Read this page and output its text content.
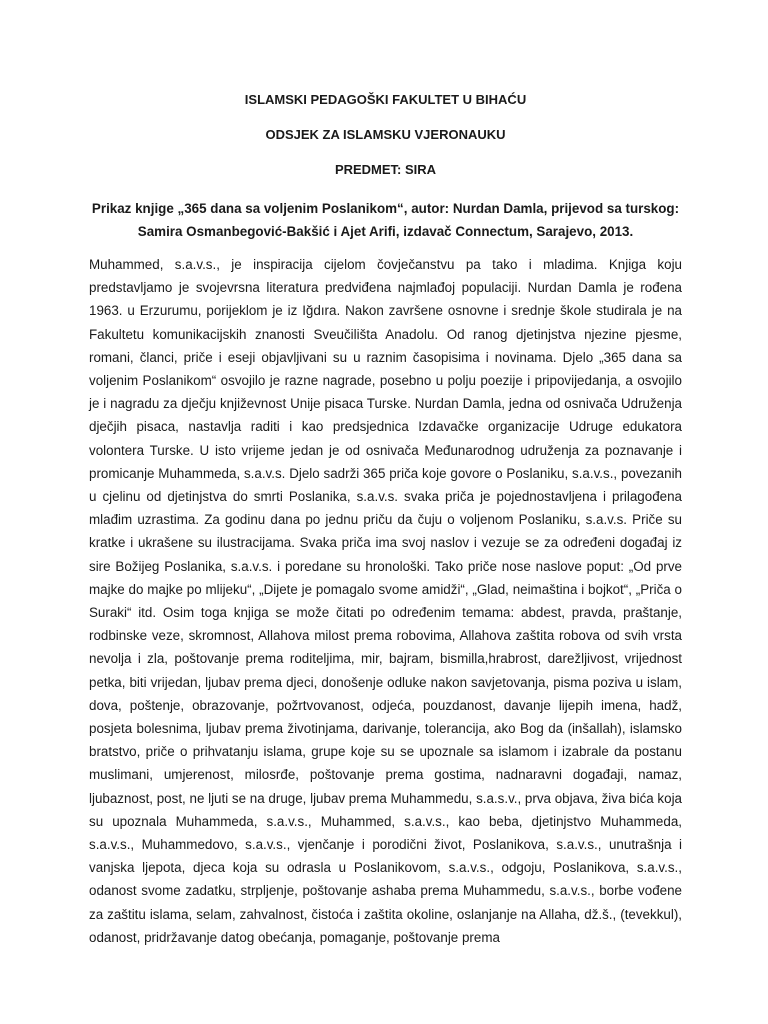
ISLAMSKI PEDAGOŠKI FAKULTET U BIHAĆU

ODSJEK ZA ISLAMSKU VJERONAUKU

PREDMET: SIRA

Prikaz knjige „365 dana sa voljenim Poslanikom“, autor: Nurdan Damla, prijevod sa turskog:
Samira Osmanbegović-Bakšić i Ajet Arifi, izdavač Connectum, Sarajevo, 2013.

Muhammed, s.a.v.s., je inspiracija cijelom čovječanstvu pa tako i mladima. Knjiga koju predstavljamo je svojevrsna literatura predviđena najmlađoj populaciji. Nurdan Damla je rođena 1963. u Erzurumu, porijeklom je iz Iğdıra. Nakon završene osnovne i srednje škole studirala je na Fakultetu komunikacijskih znanosti Sveučilišta Anadolu. Od ranog djetinjstva njezine pjesme, romani, članci, priče i eseji objavljivani su u raznim časopisima i novinama. Djelo „365 dana sa voljenim Poslanikom“ osvojilo je razne nagrade, posebno u polju poezije i pripovijedanja, a osvojilo je i nagradu za dječju književnost Unije pisaca Turske. Nurdan Damla, jedna od osnivača Udruženja dječjih pisaca, nastavlja raditi i kao predsjednica Izdavačke organizacije Udruge edukatora volontera Turske. U isto vrijeme jedan je od osnivača Međunarodnog udruženja za poznavanje i promicanje Muhammeda, s.a.v.s. Djelo sadrži 365 priča koje govore o Poslaniku, s.a.v.s., povezanih u cjelinu od djetinjstva do smrti Poslanika, s.a.v.s. svaka priča je pojednostavljena i prilagođena mlađim uzrastima. Za godinu dana po jednu priču da čuju o voljenom Poslaniku, s.a.v.s. Priče su kratke i ukrašene su ilustracijama. Svaka priča ima svoj naslov i vezuje se za određeni događaj iz sire Božijeg Poslanika, s.a.v.s. i poredane su hronološki. Tako priče nose naslove poput: „Od prve majke do majke po mlijeku“, „Dijete je pomagalo svome amidži“, „Glad, neimaština i bojkot“, „Priča o Suraki“ itd. Osim toga knjiga se može čitati po određenim temama: abdest, pravda, praštanje, rodbinske veze, skromnost, Allahova milost prema robovima, Allahova zaštita robova od svih vrsta nevolja i zla, poštovanje prema roditeljima, mir, bajram, bismilla,hrabrost, darežljivost, vrijednost petka, biti vrijedan, ljubav prema djeci, donošenje odluke nakon savjetovanja, pisma poziva u islam, dova, poštenje, obrazovanje, požrtvovanost, odjeća, pouzdanost, davanje lijepih imena, hadž, posjeta bolesnima, ljubav prema životinjama, darivanje, tolerancija, ako Bog da (inšallah), islamsko bratstvo, priče o prihvatanju islama, grupe koje su se upoznale sa islamom i izabrale da postanu muslimani, umjerenost, milosrđe, poštovanje prema gostima, nadnaravni događaji, namaz, ljubaznost, post, ne ljuti se na druge, ljubav prema Muhammedu, s.a.s.v., prva objava, živa bića koja su upoznala Muhammeda, s.a.v.s., Muhammed, s.a.v.s., kao beba, djetinjstvo Muhammeda, s.a.v.s., Muhammedovo, s.a.v.s., vjenčanje i porodični život, Poslanikova, s.a.v.s., unutrašnja i vanjska ljepota, djeca koja su odrasla u Poslanikovom, s.a.v.s., odgoju, Poslanikova, s.a.v.s., odanost svome zadatku, strpljenje, poštovanje ashaba prema Muhammedu, s.a.v.s., borbe vođene za zaštitu islama, selam, zahvalnost, čistoća i zaštita okoline, oslanjanje na Allaha, dž.š., (tevekkul), odanost, pridržavanje datog obećanja, pomaganje, poštovanje prema
